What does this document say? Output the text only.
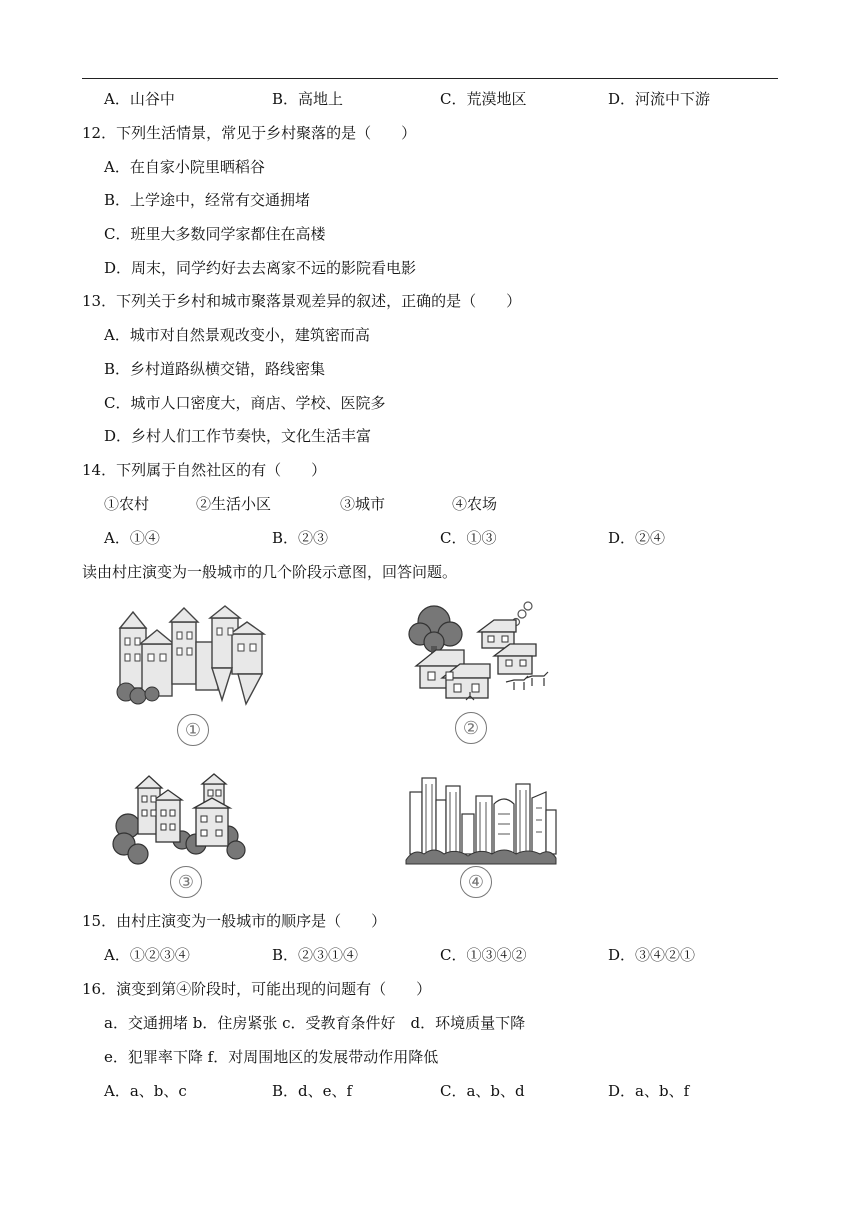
A．山谷中	B．高地上	C．荒漠地区	D．河流中下游
12．下列生活情景，常见于乡村聚落的是（　　）
A．在自家小院里晒稻谷
B．上学途中，经常有交通拥堵
C．班里大多数同学家都住在高楼
D．周末，同学约好去去离家不远的影院看电影
13．下列关于乡村和城市聚落景观差异的叙述，正确的是（　　）
A．城市对自然景观改变小，建筑密而高
B．乡村道路纵横交错，路线密集
C．城市人口密度大，商店、学校、医院多
D．乡村人们工作节奏快，文化生活丰富
14．下列属于自然社区的有（　　）
①农村	②生活小区	③城市	④农场
A．①④	B．②③	C．①③	D．②④
读由村庄演变为一般城市的几个阶段示意图，回答问题。
①	②
③	④
15．由村庄演变为一般城市的顺序是（　　）
A．①②③④	B．②③①④	C．①③④②	D．③④②①
16．演变到第④阶段时，可能出现的问题有（　　）
a．交通拥堵 b．住房紧张 c．受教育条件好　d．环境质量下降
e．犯罪率下降 f．对周围地区的发展带动作用降低
A．a、b、c	B．d、e、f	C．a、b、d	D．a、b、f
